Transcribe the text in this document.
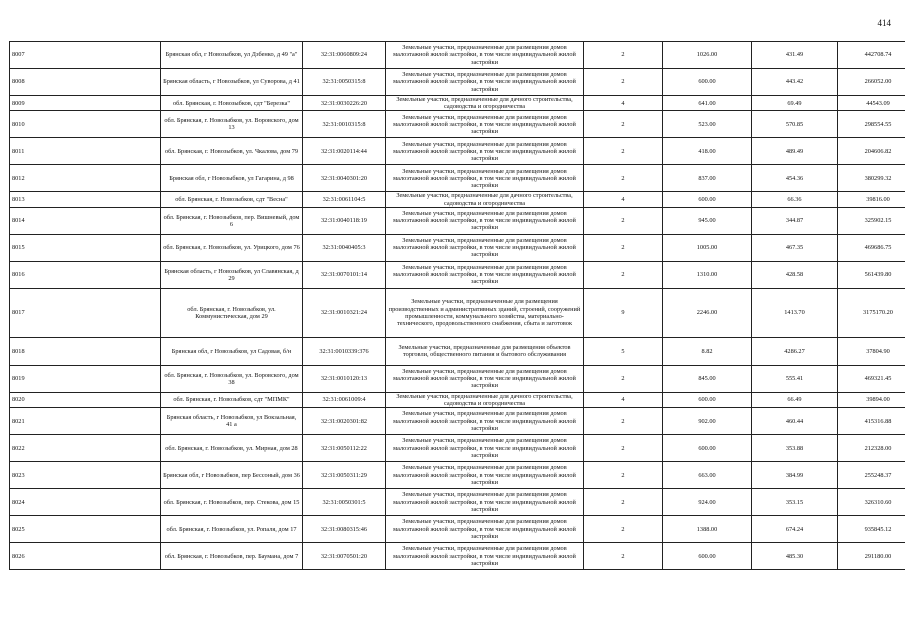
414
8007	Брянская обл, г Новозыбков, ул Дзбенко, д 49 "а"	32:31:0060809:24	Земельные участки, предназначенные для размещения домов малоэтажной жилой застройки, в том числе индивидуальной жилой застройки	2	1026.00	431.49	442708.74
8008	Брянская область, г Новозыбков, ул Суворова, д 41	32:31:0050315:8	Земельные участки, предназначенные для размещения домов малоэтажной жилой застройки, в том числе индивидуальной жилой застройки	2	600.00	443.42	266052.00
8009	обл. Брянская, г. Новозыбков, сдт "Березка"	32:31:0030226:20	Земельные участки, предназначенные для дачного строительства, садоводства и огородничества	4	641.00	69.49	44543.09
8010	обл. Брянская, г. Новозыбков, ул. Воровского, дом 13	32:31:0010315:8	Земельные участки, предназначенные для размещения домов малоэтажной жилой застройки, в том числе индивидуальной жилой застройки	2	523.00	570.85	298554.55
8011	обл. Брянская, г. Новозыбков, ул. Чкалова, дом 79	32:31:0020114:44	Земельные участки, предназначенные для размещения домов малоэтажной жилой застройки, в том числе индивидуальной жилой застройки	2	418.00	489.49	204606.82
8012	Брянская обл, г Новозыбков, ул Гагарина, д 98	32:31:0040301:20	Земельные участки, предназначенные для размещения домов малоэтажной жилой застройки, в том числе индивидуальной жилой застройки	2	837.00	454.36	380299.32
8013	обл. Брянская, г. Новозыбков, сдт "Весна"	32:31:0061104:5	Земельные участки, предназначенные для дачного строительства, садоводства и огородничества	4	600.00	66.36	39816.00
8014	обл. Брянская, г. Новозыбков, пер. Вишневый, дом 6	32:31:0040118:19	Земельные участки, предназначенные для размещения домов малоэтажной жилой застройки, в том числе индивидуальной жилой застройки	2	945.00	344.87	325902.15
8015	обл. Брянская, г. Новозыбков, ул. Урицкого, дом 76	32:31:0040405:3	Земельные участки, предназначенные для размещения домов малоэтажной жилой застройки, в том числе индивидуальной жилой застройки	2	1005.00	467.35	469686.75
8016	Брянская область, г Новозыбков, ул Славянская, д 29	32:31:0070101:14	Земельные участки, предназначенные для размещения домов малоэтажной жилой застройки, в том числе индивидуальной жилой застройки	2	1310.00	428.58	561439.80
8017	обл. Брянская, г. Новозыбков, ул. Коммунистическая, дом 29	32:31:0010321:24	Земельные участки, предназначенные для размещения производственных и административных зданий, строений, сооружений промышленности, коммунального хозяйства, материально-технического, продовольственного снабжения, сбыта и заготовок	9	2246.00	1413.70	3175170.20
8018	Брянская обл, г Новозыбков, ул Садовая, б/н	32:31:0010339:376	Земельные участки, предназначенные для размещения объектов торговли, общественного питания и бытового обслуживания	5	8.82	4286.27	37804.90
8019	обл. Брянская, г. Новозыбков, ул. Воровского, дом 38	32:31:0010120:13	Земельные участки, предназначенные для размещения домов малоэтажной жилой застройки, в том числе индивидуальной жилой застройки	2	845.00	555.41	469321.45
8020	обл. Брянская, г. Новозыбков, сдт "МПМК"	32:31:0061009:4	Земельные участки, предназначенные для дачного строительства, садоводства и огородничества	4	600.00	66.49	39894.00
8021	Брянская область, г Новозыбков, ул Вокзальная, 41 а	32:31:0020301:82	Земельные участки, предназначенные для размещения домов малоэтажной жилой застройки, в том числе индивидуальной жилой застройки	2	902.00	460.44	415316.88
8022	обл. Брянская, г. Новозыбков, ул. Мирная, дом 28	32:31:0050112:22	Земельные участки, предназначенные для размещения домов малоэтажной жилой застройки, в том числе индивидуальной жилой застройки	2	600.00	353.88	212328.00
8023	Брянская обл, г Новозыбков, пер Бессоный, дом 36	32:31:0050311:29	Земельные участки, предназначенные для размещения домов малоэтажной жилой застройки, в том числе индивидуальной жилой застройки	2	663.00	384.99	255248.37
8024	обл. Брянская, г. Новозыбков, пер. Стекова, дом 15	32:31:0050301:5	Земельные участки, предназначенные для размещения домов малоэтажной жилой застройки, в том числе индивидуальной жилой застройки	2	924.00	353.15	326310.60
8025	обл. Брянская, г. Новозыбков, ул. Ропаля, дом 17	32:31:0080315:46	Земельные участки, предназначенные для размещения домов малоэтажной жилой застройки, в том числе индивидуальной жилой застройки	2	1388.00	674.24	935845.12
8026	обл. Брянская, г. Новозыбков, пер. Баумана, дом 7	32:31:0070501:20	Земельные участки, предназначенные для размещения домов малоэтажной жилой застройки, в том числе индивидуальной жилой застройки	2	600.00	485.30	291180.00
